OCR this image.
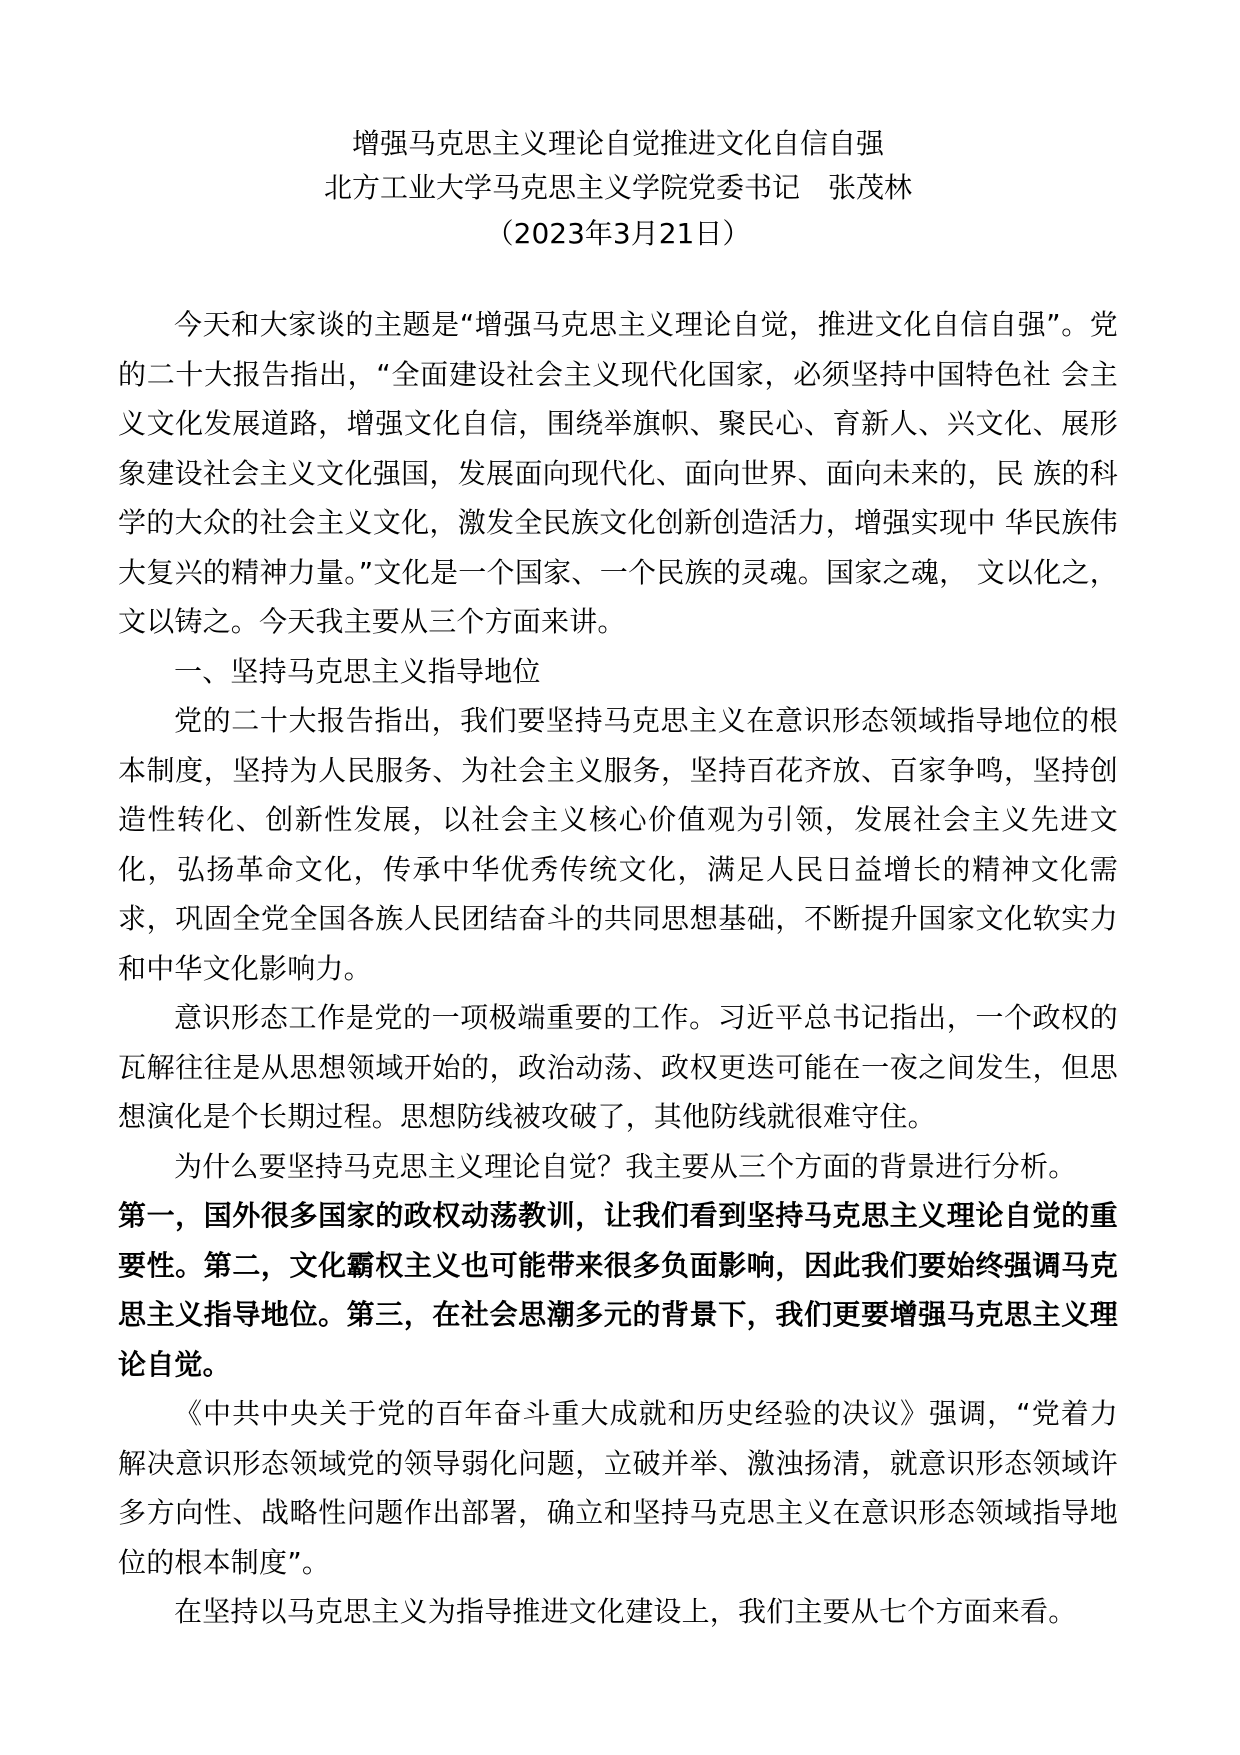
增强马克思主义理论自觉推进文化自信自强
北方工业大学马克思主义学院党委书记　张茂林
（2023年3月21日）

今天和大家谈的主题是“增强马克思主义理论自觉，推进文化自信自强”。党的二十大报告指出，“全面建设社会主义现代化国家，必须坚持中国特色社 会主义文化发展道路，增强文化自信，围绕举旗帜、聚民心、育新人、兴文化、展形象建设社会主义文化强国，发展面向现代化、面向世界、面向未来的，民 族的科学的大众的社会主义文化，激发全民族文化创新创造活力，增强实现中 华民族伟大复兴的精神力量。”文化是一个国家、一个民族的灵魂。国家之魂， 文以化之，文以铸之。今天我主要从三个方面来讲。

一、坚持马克思主义指导地位

党的二十大报告指出，我们要坚持马克思主义在意识形态领域指导地位的根本制度，坚持为人民服务、为社会主义服务，坚持百花齐放、百家争鸣，坚持创造性转化、创新性发展，以社会主义核心价值观为引领，发展社会主义先进文化，弘扬革命文化，传承中华优秀传统文化，满足人民日益增长的精神文化需求，巩固全党全国各族人民团结奋斗的共同思想基础，不断提升国家文化软实力和中华文化影响力。

意识形态工作是党的一项极端重要的工作。习近平总书记指出，一个政权的瓦解往往是从思想领域开始的，政治动荡、政权更迭可能在一夜之间发生，但思想演化是个长期过程。思想防线被攻破了，其他防线就很难守住。

为什么要坚持马克思主义理论自觉？我主要从三个方面的背景进行分析。

第一，国外很多国家的政权动荡教训，让我们看到坚持马克思主义理论自觉的重要性。第二，文化霸权主义也可能带来很多负面影响，因此我们要始终强调马克思主义指导地位。第三，在社会思潮多元的背景下，我们更要增强马克思主义理论自觉。

《中共中央关于党的百年奋斗重大成就和历史经验的决议》强调，“党着力解决意识形态领域党的领导弱化问题，立破并举、激浊扬清，就意识形态领域许多方向性、战略性问题作出部署，确立和坚持马克思主义在意识形态领域指导地位的根本制度”。

在坚持以马克思主义为指导推进文化建设上，我们主要从七个方面来看。
